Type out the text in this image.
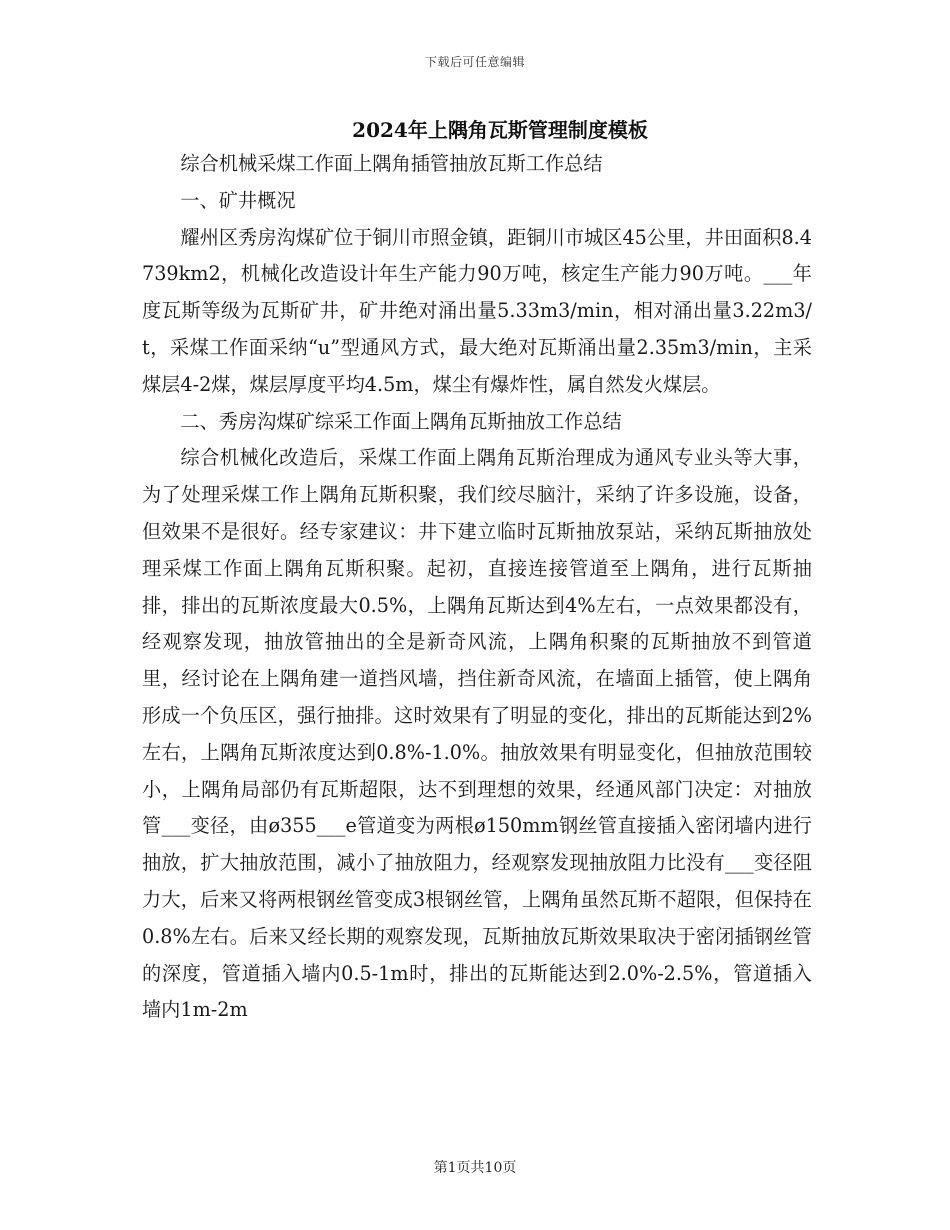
下载后可任意编辑
2024年上隅角瓦斯管理制度模板

综合机械采煤工作面上隅角插管抽放瓦斯工作总结

一、矿井概况

耀州区秀房沟煤矿位于铜川市照金镇，距铜川市城区45公里，井田面积8.4739km2，机械化改造设计年生产能力90万吨，核定生产能力90万吨。___年度瓦斯等级为瓦斯矿井，矿井绝对涌出量5.33m3/min，相对涌出量3.22m3/t，采煤工作面采纳“u”型通风方式，最大绝对瓦斯涌出量2.35m3/min，主采煤层4-2煤，煤层厚度平均4.5m，煤尘有爆炸性，属自然发火煤层。

二、秀房沟煤矿综采工作面上隅角瓦斯抽放工作总结

综合机械化改造后，采煤工作面上隅角瓦斯治理成为通风专业头等大事，为了处理采煤工作上隅角瓦斯积聚，我们绞尽脑汁，采纳了许多设施，设备，但效果不是很好。经专家建议：井下建立临时瓦斯抽放泵站，采纳瓦斯抽放处理采煤工作面上隅角瓦斯积聚。起初，直接连接管道至上隅角，进行瓦斯抽排，排出的瓦斯浓度最大0.5%，上隅角瓦斯达到4%左右，一点效果都没有，经观察发现，抽放管抽出的全是新奇风流，上隅角积聚的瓦斯抽放不到管道里，经讨论在上隅角建一道挡风墙，挡住新奇风流，在墙面上插管，使上隅角形成一个负压区，强行抽排。这时效果有了明显的变化，排出的瓦斯能达到2%左右，上隅角瓦斯浓度达到0.8%-1.0%。抽放效果有明显变化，但抽放范围较小，上隅角局部仍有瓦斯超限，达不到理想的效果，经通风部门决定：对抽放管___变径，由ø355___e管道变为两根ø150mm钢丝管直接插入密闭墙内进行抽放，扩大抽放范围，减小了抽放阻力，经观察发现抽放阻力比没有___变径阻力大，后来又将两根钢丝管变成3根钢丝管，上隅角虽然瓦斯不超限，但保持在0.8%左右。后来又经长期的观察发现，瓦斯抽放瓦斯效果取决于密闭插钢丝管的深度，管道插入墙内0.5-1m时，排出的瓦斯能达到2.0%-2.5%，管道插入墙内1m-2m

第1页共10页
